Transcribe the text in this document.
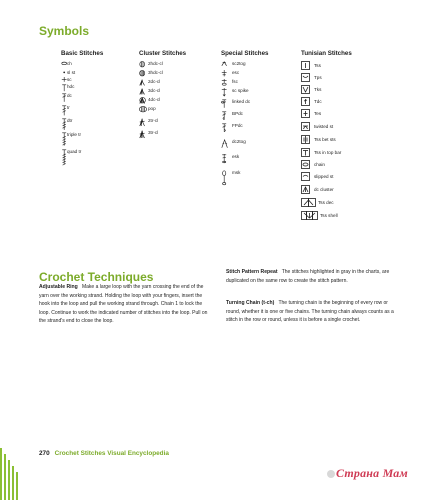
Symbols
Basic Stitches
ch
sl st
sc
hdc
dc
tr
dtr
triple tr
quad tr
Cluster Stitches
2hdc-cl
3hdc-cl
2dc-cl
3dc-cl
4dc-cl
pop
2tr-cl
3tr-cl
Special Stitches
sc2tog
esc
fsc
sc spike
linked dc
BPdc
FPdc
dc2tog
esk
msk
Tunisian Stitches
Tss
Tps
Tks
Tdc
Tes
twisted st
Tss bet sts
Tss in top bar
chain
slipped st
dc cluster
Tss dec
Tss shell
Crochet Techniques
Adjustable Ring Make a large loop with the yarn crossing the end of the yarn over the working strand. Holding the loop with your fingers, insert the hook into the loop and pull the working strand through. Chain 1 to lock the loop. Continue to work the indicated number of stitches into the loop. Pull on the strand's end to close the loop.
Stitch Pattern Repeat The stitches highlighted in gray in the charts, are duplicated on the same row to create the stitch pattern.
Turning Chain (t-ch) The turning chain is the beginning of every row or round, whether it is one or five chains. The turning chain always counts as a stitch in the row or round, unless it is before a single crochet.
270 Crochet Stitches Visual Encyclopedia
Страна Мам
